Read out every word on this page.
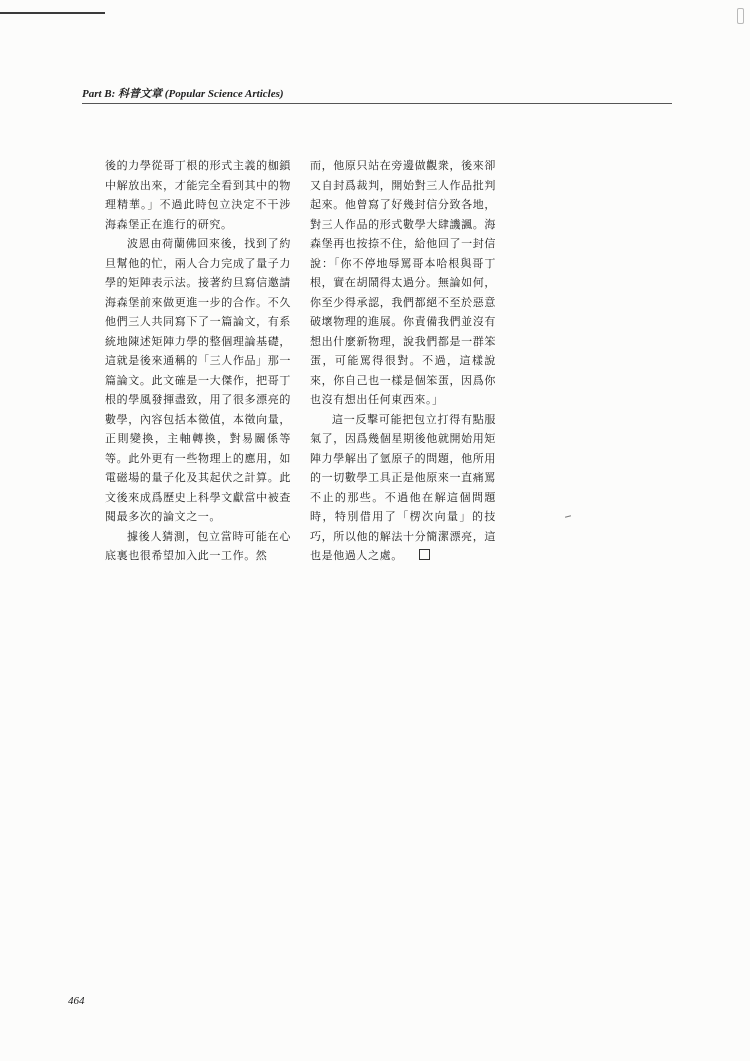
Part B: 科普文章 (Popular Science Articles)

後的力學從哥丁根的形式主義的枷鎖中解放出來，才能完全看到其中的物理精華。」不過此時包立決定不干涉海森堡正在進行的研究。

波恩由荷蘭佛回來後，找到了約旦幫他的忙，兩人合力完成了量子力學的矩陣表示法。接著約旦寫信邀請海森堡前來做更進一步的合作。不久他們三人共同寫下了一篇論文，有系統地陳述矩陣力學的整個理論基礎，這就是後來通稱的「三人作品」那一篇論文。此文確是一大傑作，把哥丁根的學風發揮盡致，用了很多漂亮的數學，內容包括本徵值，本徵向量，正則變換，主軸轉換，對易關係等等。此外更有一些物理上的應用，如電磁場的量子化及其起伏之計算。此文後來成爲歷史上科學文獻當中被查閱最多次的論文之一。

據後人猜測，包立當時可能在心底裏也很希望加入此一工作。然

而，他原只站在旁邊做觀衆，後來卻又自封爲裁判，開始對三人作品批判起來。他曾寫了好幾封信分致各地，對三人作品的形式數學大肆譏諷。海森堡再也按捺不住，給他回了一封信說：「你不停地辱罵哥本哈根與哥丁根，實在胡鬧得太過分。無論如何，你至少得承認，我們都絕不至於惡意破壞物理的進展。你責備我們並沒有想出什麼新物理，說我們都是一群笨蛋，可能罵得很對。不過，這樣說來，你自己也一樣是個笨蛋，因爲你也沒有想出任何東西來。」

這一反擊可能把包立打得有點服氣了，因爲幾個星期後他就開始用矩陣力學解出了氫原子的問題，他所用的一切數學工具正是他原來一直痛罵不止的那些。不過他在解這個問題時，特別借用了「楞次向量」的技巧，所以他的解法十分簡潔漂亮，這也是他過人之處。

464
